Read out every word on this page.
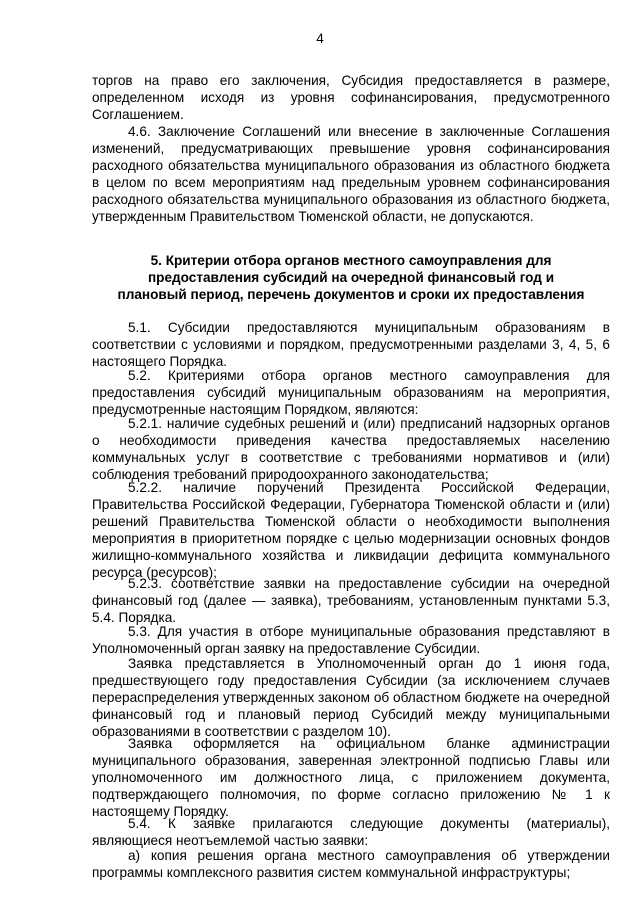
4

торгов на право его заключения, Субсидия предоставляется в размере, определенном исходя из уровня софинансирования, предусмотренного Соглашением.

4.6. Заключение Соглашений или внесение в заключенные Соглашения изменений, предусматривающих превышение уровня софинансирования расходного обязательства муниципального образования из областного бюджета в целом по всем мероприятиям над предельным уровнем софинансирования расходного обязательства муниципального образования из областного бюджета, утвержденным Правительством Тюменской области, не допускаются.

5. Критерии отбора органов местного самоуправления для предоставления субсидий на очередной финансовый год и плановый период, перечень документов и сроки их предоставления

5.1. Субсидии предоставляются муниципальным образованиям в соответствии с условиями и порядком, предусмотренными разделами 3, 4, 5, 6 настоящего Порядка.

5.2. Критериями отбора органов местного самоуправления для предоставления субсидий муниципальным образованиям на мероприятия, предусмотренные настоящим Порядком, являются:

5.2.1. наличие судебных решений и (или) предписаний надзорных органов о необходимости приведения качества предоставляемых населению коммунальных услуг в соответствие с требованиями нормативов и (или) соблюдения требований природоохранного законодательства;

5.2.2. наличие поручений Президента Российской Федерации, Правительства Российской Федерации, Губернатора Тюменской области и (или) решений Правительства Тюменской области о необходимости выполнения мероприятия в приоритетном порядке с целью модернизации основных фондов жилищно-коммунального хозяйства и ликвидации дефицита коммунального ресурса (ресурсов);

5.2.3. соответствие заявки на предоставление субсидии на очередной финансовый год (далее — заявка), требованиям, установленным пунктами 5.3, 5.4. Порядка.

5.3. Для участия в отборе муниципальные образования представляют в Уполномоченный орган заявку на предоставление Субсидии.

Заявка представляется в Уполномоченный орган до 1 июня года, предшествующего году предоставления Субсидии (за исключением случаев перераспределения утвержденных законом об областном бюджете на очередной финансовый год и плановый период Субсидий между муниципальными образованиями в соответствии с разделом 10).

Заявка оформляется на официальном бланке администрации муниципального образования, заверенная электронной подписью Главы или уполномоченного им должностного лица, с приложением документа, подтверждающего полномочия, по форме согласно приложению № 1 к настоящему Порядку.

5.4. К заявке прилагаются следующие документы (материалы), являющиеся неотъемлемой частью заявки:

а) копия решения органа местного самоуправления об утверждении программы комплексного развития систем коммунальной инфраструктуры;
